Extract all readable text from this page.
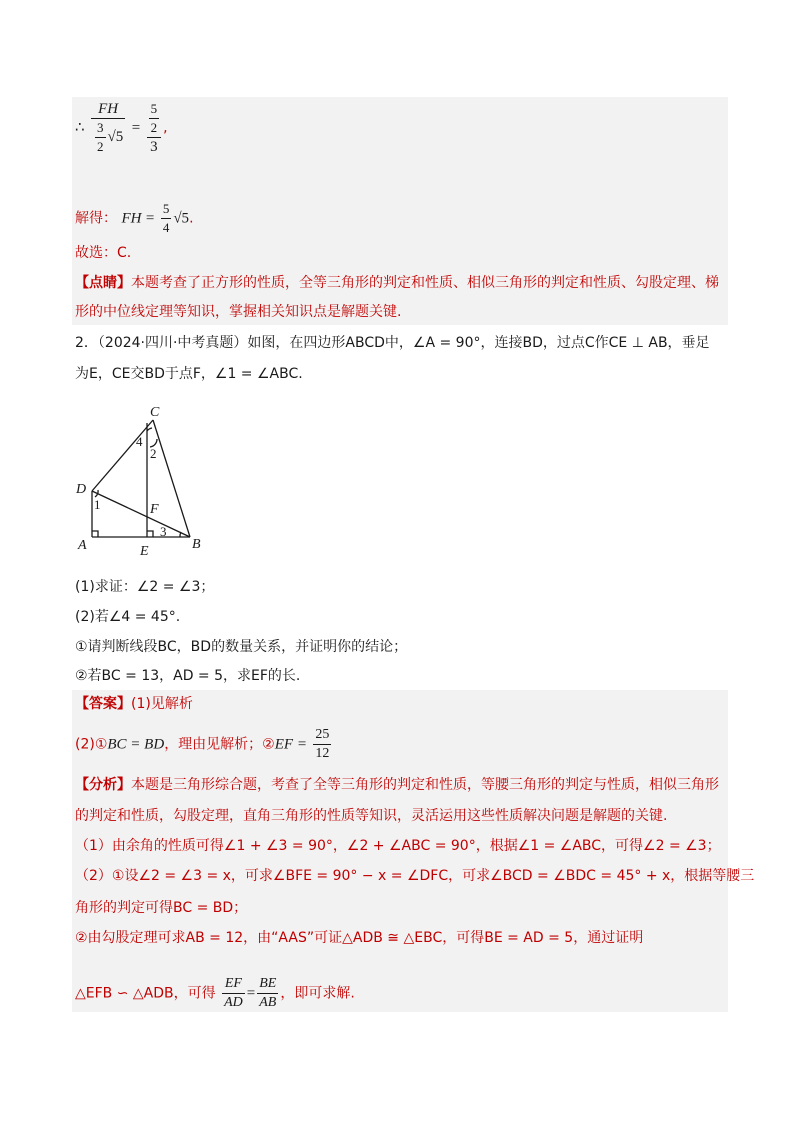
∴ $\frac{FH}{\frac{3}{2} √5} = \frac{\frac{5}{2}}{3}$ ,
解得： FH = $\frac{5}{4} √5$.
故选：C.
【点睛】本题考查了正方形的性质，全等三角形的判定和性质、相似三角形的判定和性质、勾股定理、梯
形的中位线定理等知识，掌握相关知识点是解题关键.
2．（2024·四川·中考真题）如图，在四边形ABCD中，∠A = 90°，连接BD，过点C作CE ⊥ AB，垂足
为E，CE交BD于点F，∠1 = ∠ABC.
C
D
A	B
E
F
1
2
3
4
(1)求证：∠2 = ∠3；
(2)若∠4 = 45°.
①请判断线段BC，BD的数量关系，并证明你的结论；
②若BC = 13，AD = 5，求EF的长.
【答案】(1)见解析
(2)①BC = BD，理由见解析；②EF = $\frac{25}{12}$
【分析】本题是三角形综合题，考查了全等三角形的判定和性质，等腰三角形的判定与性质，相似三角形
的判定和性质，勾股定理，直角三角形的性质等知识，灵活运用这些性质解决问题是解题的关键.
（1）由余角的性质可得∠1 + ∠3 = 90°，∠2 + ∠ABC = 90°，根据∠1 = ∠ABC，可得∠2 = ∠3；
（2）①设∠2 = ∠3 = x，可求∠BFE = 90° − x = ∠DFC，可求∠BCD = ∠BDC = 45° + x，根据等腰三
角形的判定可得BC = BD；
②由勾股定理可求AB = 12，由“AAS”可证△ADB ≅ △EBC，可得BE = AD = 5，通过证明
△EFB ∽ △ADB，可得 $\frac{EF}{AD} = \frac{BE}{AB}$ ，即可求解.
